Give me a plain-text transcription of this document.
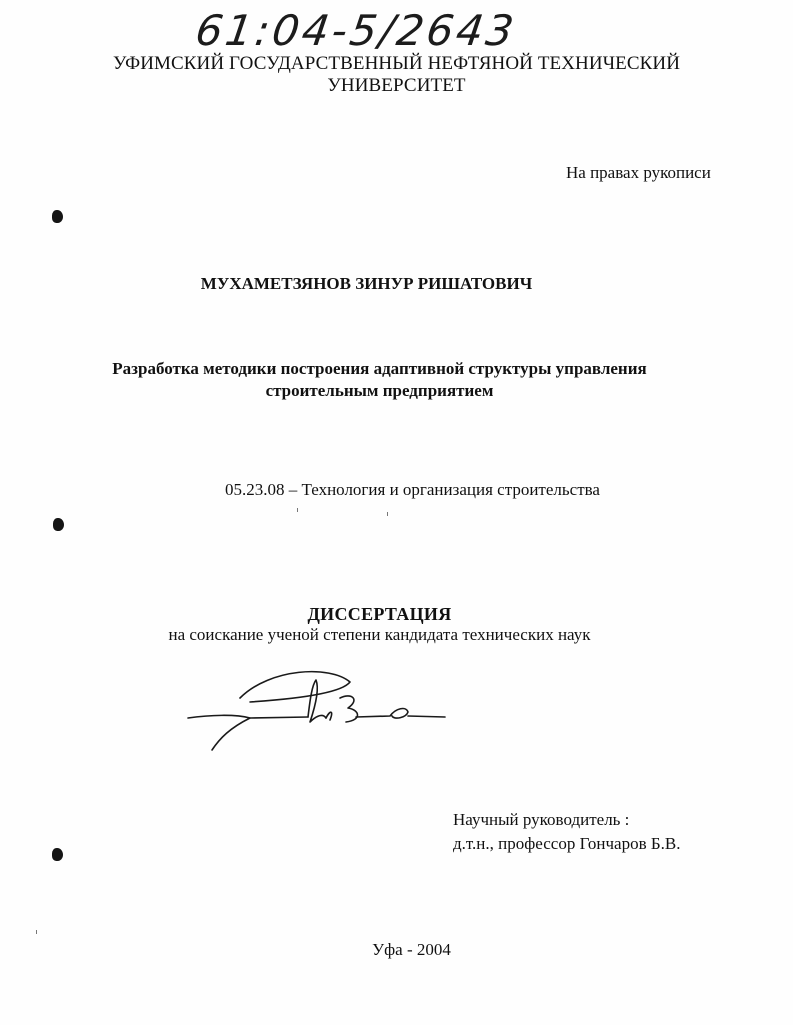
61:04-5/2643
УФИМСКИЙ ГОСУДАРСТВЕННЫЙ НЕФТЯНОЙ ТЕХНИЧЕСКИЙ
УНИВЕРСИТЕТ
На правах рукописи
МУХАМЕТЗЯНОВ ЗИНУР РИШАТОВИЧ
Разработка методики построения адаптивной структуры управления
строительным предприятием
05.23.08 – Технология и организация строительства
ДИССЕРТАЦИЯ
на соискание ученой степени кандидата технических наук
Научный руководитель :
д.т.н., профессор Гончаров Б.В.
Уфа - 2004
